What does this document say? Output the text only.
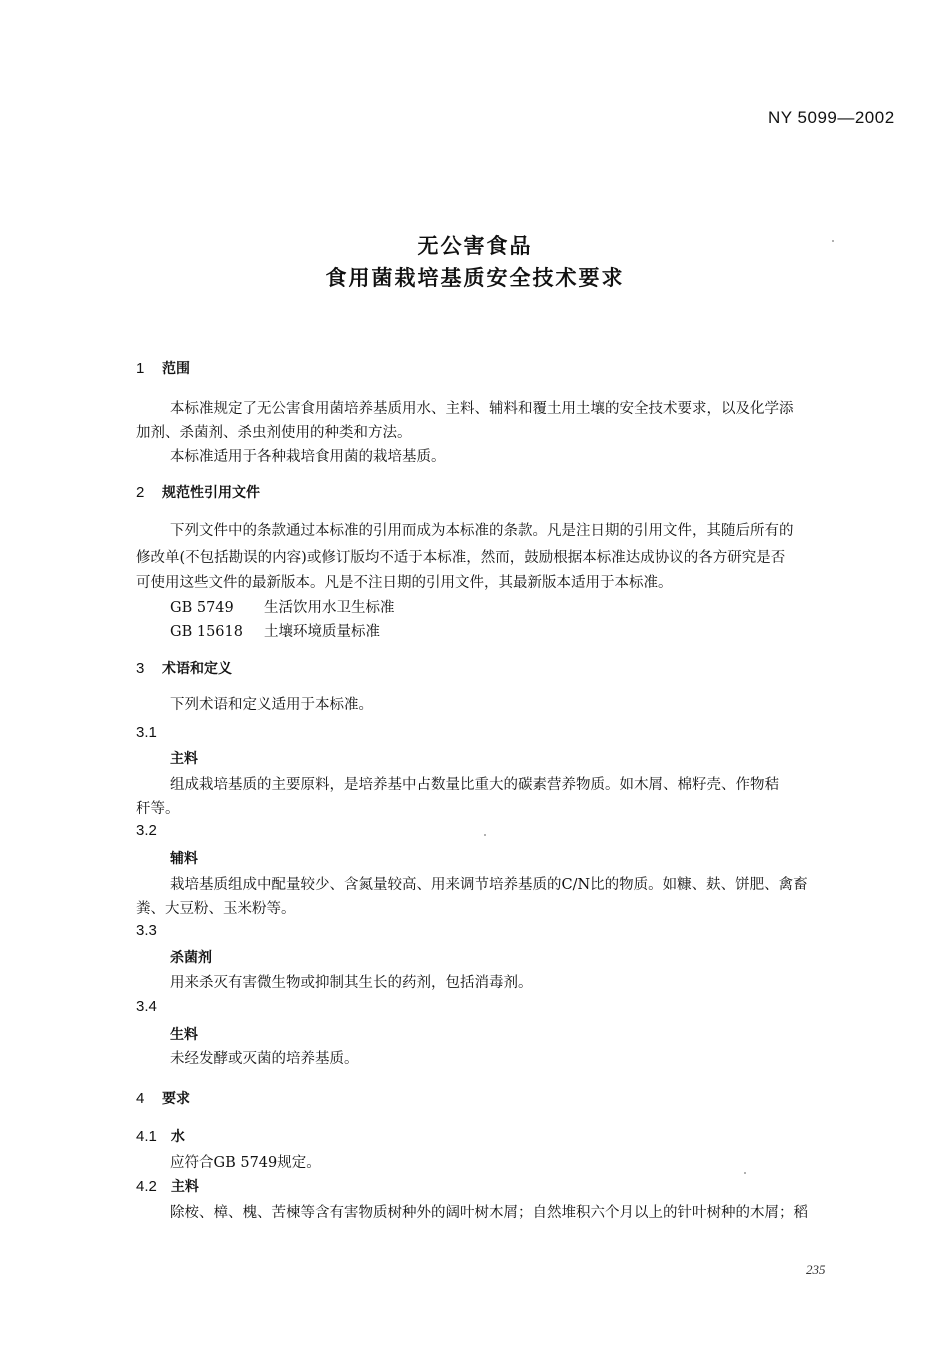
NY 5099—2002
无公害食品
食用菌栽培基质安全技术要求
1 范围
本标准规定了无公害食用菌培养基质用水、主料、辅料和覆土用土壤的安全技术要求，以及化学添
加剂、杀菌剂、杀虫剂使用的种类和方法。
本标准适用于各种栽培食用菌的栽培基质。
2 规范性引用文件
下列文件中的条款通过本标准的引用而成为本标准的条款。凡是注日期的引用文件，其随后所有的
修改单(不包括勘误的内容)或修订版均不适于本标准，然而，鼓励根据本标准达成协议的各方研究是否
可使用这些文件的最新版本。凡是不注日期的引用文件，其最新版本适用于本标准。
GB 5749 生活饮用水卫生标准
GB 15618 土壤环境质量标准
3 术语和定义
下列术语和定义适用于本标准。
3.1
主料
组成栽培基质的主要原料，是培养基中占数量比重大的碳素营养物质。如木屑、棉籽壳、作物秸
秆等。
3.2
辅料
栽培基质组成中配量较少、含氮量较高、用来调节培养基质的C/N比的物质。如糠、麸、饼肥、禽畜
粪、大豆粉、玉米粉等。
3.3
杀菌剂
用来杀灭有害微生物或抑制其生长的药剂，包括消毒剂。
3.4
生料
未经发酵或灭菌的培养基质。
4 要求
4.1 水
应符合GB 5749规定。
4.2 主料
除桉、樟、槐、苦楝等含有害物质树种外的阔叶树木屑；自然堆积六个月以上的针叶树种的木屑；稻
235
